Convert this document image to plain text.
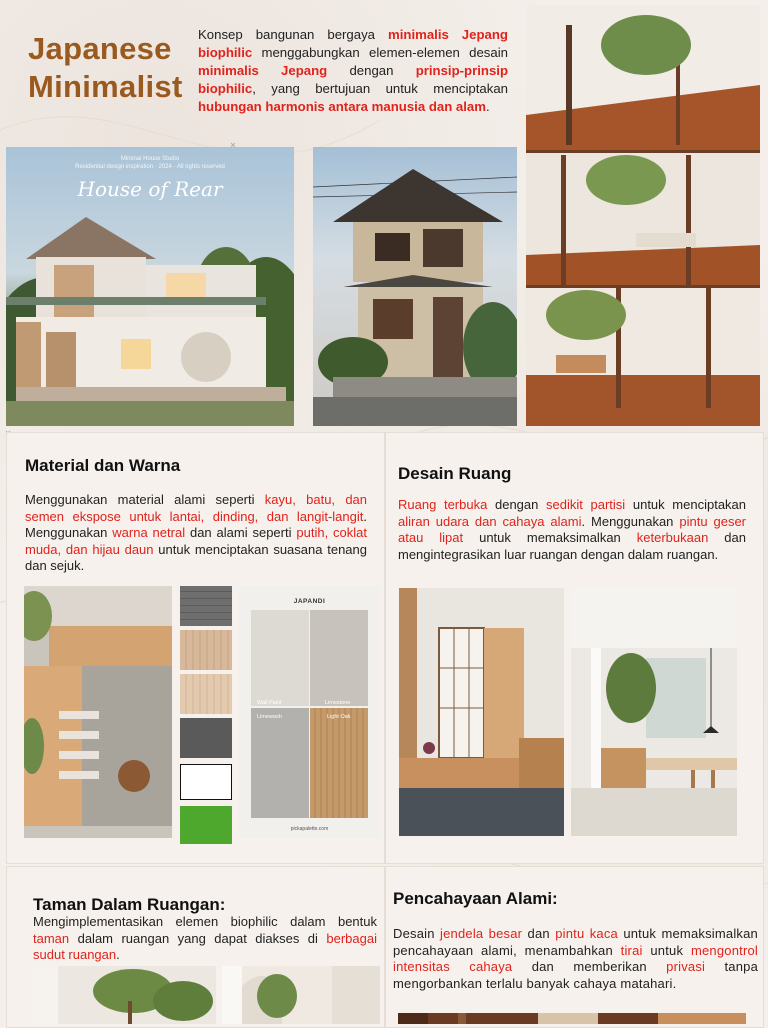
Japanese
Minimalist
Konsep bangunan bergaya minimalis Jepang biophilic menggabungkan elemen-elemen desain minimalis Jepang dengan prinsip-prinsip biophilic, yang bertujuan untuk menciptakan hubungan harmonis antara manusia dan alam.
Minimal House Studio
Residential design inspiration · 2024 · All rights reserved
House of Rear
Material dan Warna
Menggunakan material alami seperti kayu, batu, dan semen ekspose untuk lantai, dinding, dan langit-langit. Menggunakan warna netral dan alami seperti putih, coklat muda, dan hijau daun untuk menciptakan suasana tenang dan sejuk.
JAPANDI
Wall Paint
Limewash
Limestone
Light Oak
pickapalette.com
Desain Ruang
Ruang terbuka dengan sedikit partisi untuk menciptakan aliran udara dan cahaya alami. Menggunakan pintu geser atau lipat untuk memaksimalkan keterbukaan dan mengintegrasikan luar ruangan dengan dalam ruangan.
Taman Dalam Ruangan:
Mengimplementasikan elemen biophilic dalam bentuk taman dalam ruangan yang dapat diakses di berbagai sudut ruangan.
Pencahayaan Alami:
Desain jendela besar dan pintu kaca untuk memaksimalkan pencahayaan alami, menambahkan tirai untuk mengontrol intensitas cahaya dan memberikan privasi tanpa mengorbankan terlalu banyak cahaya matahari.
